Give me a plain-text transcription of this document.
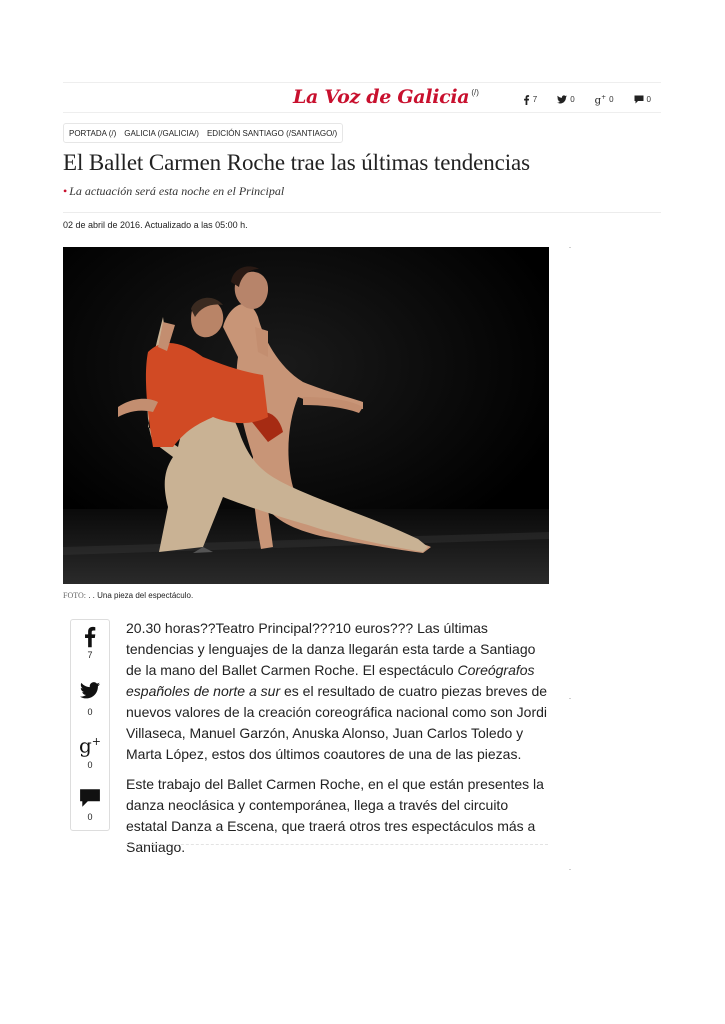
La Voz de Galicia (/)
7	0 g+ 0	0
PORTADA (/) GALICIA (/GALICIA/) EDICIÓN SANTIAGO (/SANTIAGO/)
El Ballet Carmen Roche trae las últimas tendencias
• La actuación será esta noche en el Principal
02 de abril de 2016. Actualizado a las 05:00 h.
FOTO: . . Una pieza del espectáculo.
7
0
g+
0
0

20.30 horas??Teatro Principal???10 euros??? Las últimas tendencias y lenguajes de la danza llegarán esta tarde a Santiago de la mano del Ballet Carmen Roche. El espectáculo Coreógrafos españoles de norte a sur es el resultado de cuatro piezas breves de nuevos valores de la creación coreográfica nacional como son Jordi Villaseca, Manuel Garzón, Anuska Alonso, Juan Carlos Toledo y Marta López, estos dos últimos coautores de una de las piezas.

Este trabajo del Ballet Carmen Roche, en el que están presentes la danza neoclásica y contemporánea, llega a través del circuito estatal Danza a Escena, que traerá otros tres espectáculos más a Santiago.
